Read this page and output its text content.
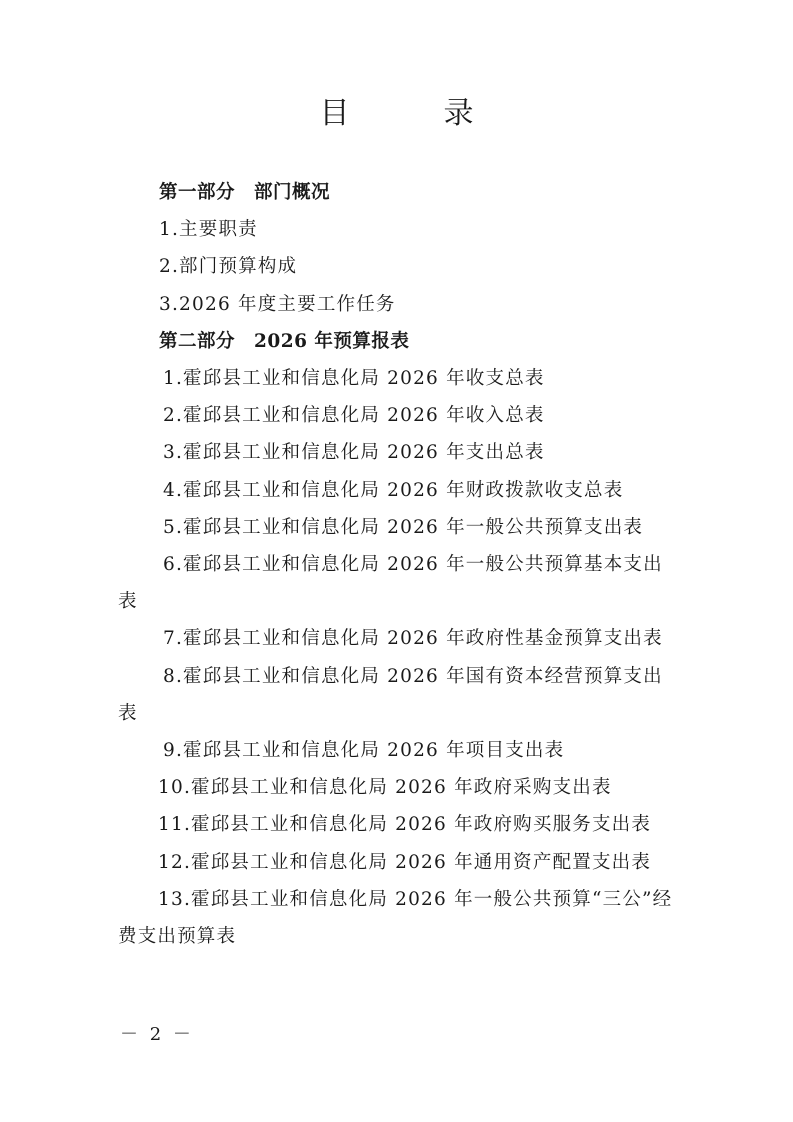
目　录
第一部分　部门概况
1.主要职责
2.部门预算构成
3.2026 年度主要工作任务
第二部分　2026 年预算报表
1.霍邱县工业和信息化局 2026 年收支总表
2.霍邱县工业和信息化局 2026 年收入总表
3.霍邱县工业和信息化局 2026 年支出总表
4.霍邱县工业和信息化局 2026 年财政拨款收支总表
5.霍邱县工业和信息化局 2026 年一般公共预算支出表
6.霍邱县工业和信息化局 2026 年一般公共预算基本支出表
7.霍邱县工业和信息化局 2026 年政府性基金预算支出表
8.霍邱县工业和信息化局 2026 年国有资本经营预算支出表
9.霍邱县工业和信息化局 2026 年项目支出表
10.霍邱县工业和信息化局 2026 年政府采购支出表
11.霍邱县工业和信息化局 2026 年政府购买服务支出表
12.霍邱县工业和信息化局 2026 年通用资产配置支出表
13.霍邱县工业和信息化局 2026 年一般公共预算“三公”经费支出预算表
－ 2 －
